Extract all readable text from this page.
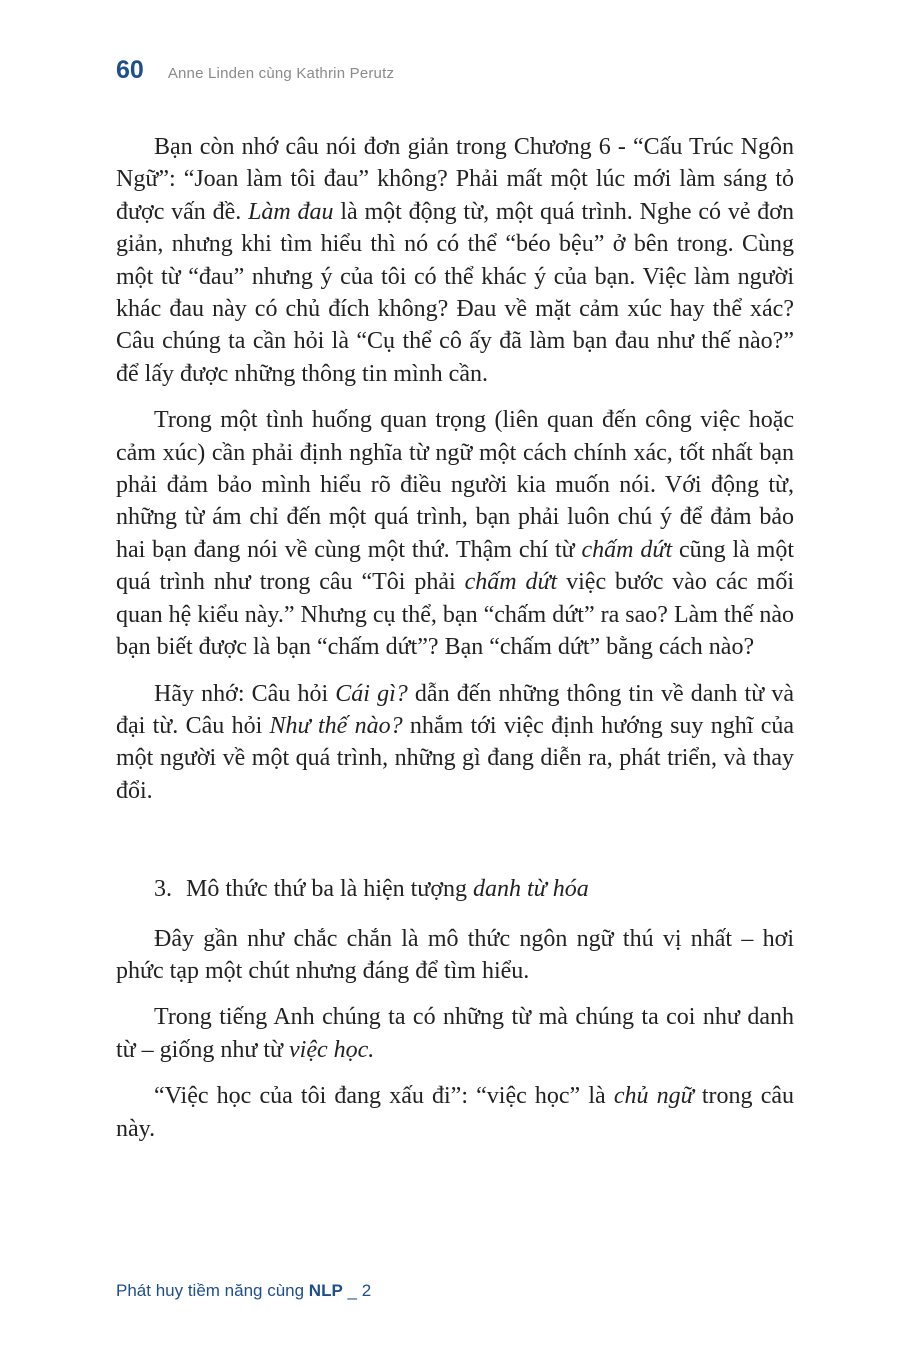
60 Anne Linden cùng Kathrin Perutz

Bạn còn nhớ câu nói đơn giản trong Chương 6 - “Cấu Trúc Ngôn Ngữ”: “Joan làm tôi đau” không? Phải mất một lúc mới làm sáng tỏ được vấn đề. Làm đau là một động từ, một quá trình. Nghe có vẻ đơn giản, nhưng khi tìm hiểu thì nó có thể “béo bệu” ở bên trong. Cùng một từ “đau” nhưng ý của tôi có thể khác ý của bạn. Việc làm người khác đau này có chủ đích không? Đau về mặt cảm xúc hay thể xác? Câu chúng ta cần hỏi là “Cụ thể cô ấy đã làm bạn đau như thế nào?” để lấy được những thông tin mình cần.

Trong một tình huống quan trọng (liên quan đến công việc hoặc cảm xúc) cần phải định nghĩa từ ngữ một cách chính xác, tốt nhất bạn phải đảm bảo mình hiểu rõ điều người kia muốn nói. Với động từ, những từ ám chỉ đến một quá trình, bạn phải luôn chú ý để đảm bảo hai bạn đang nói về cùng một thứ. Thậm chí từ chấm dứt cũng là một quá trình như trong câu “Tôi phải chấm dứt việc bước vào các mối quan hệ kiểu này.” Nhưng cụ thể, bạn “chấm dứt” ra sao? Làm thế nào bạn biết được là bạn “chấm dứt”? Bạn “chấm dứt” bằng cách nào?

Hãy nhớ: Câu hỏi Cái gì? dẫn đến những thông tin về danh từ và đại từ. Câu hỏi Như thế nào? nhắm tới việc định hướng suy nghĩ của một người về một quá trình, những gì đang diễn ra, phát triển, và thay đổi.

3. Mô thức thứ ba là hiện tượng danh từ hóa

Đây gần như chắc chắn là mô thức ngôn ngữ thú vị nhất – hơi phức tạp một chút nhưng đáng để tìm hiểu.

Trong tiếng Anh chúng ta có những từ mà chúng ta coi như danh từ – giống như từ việc học.

“Việc học của tôi đang xấu đi”: “việc học” là chủ ngữ trong câu này.

Phát huy tiềm năng cùng NLP _ 2
